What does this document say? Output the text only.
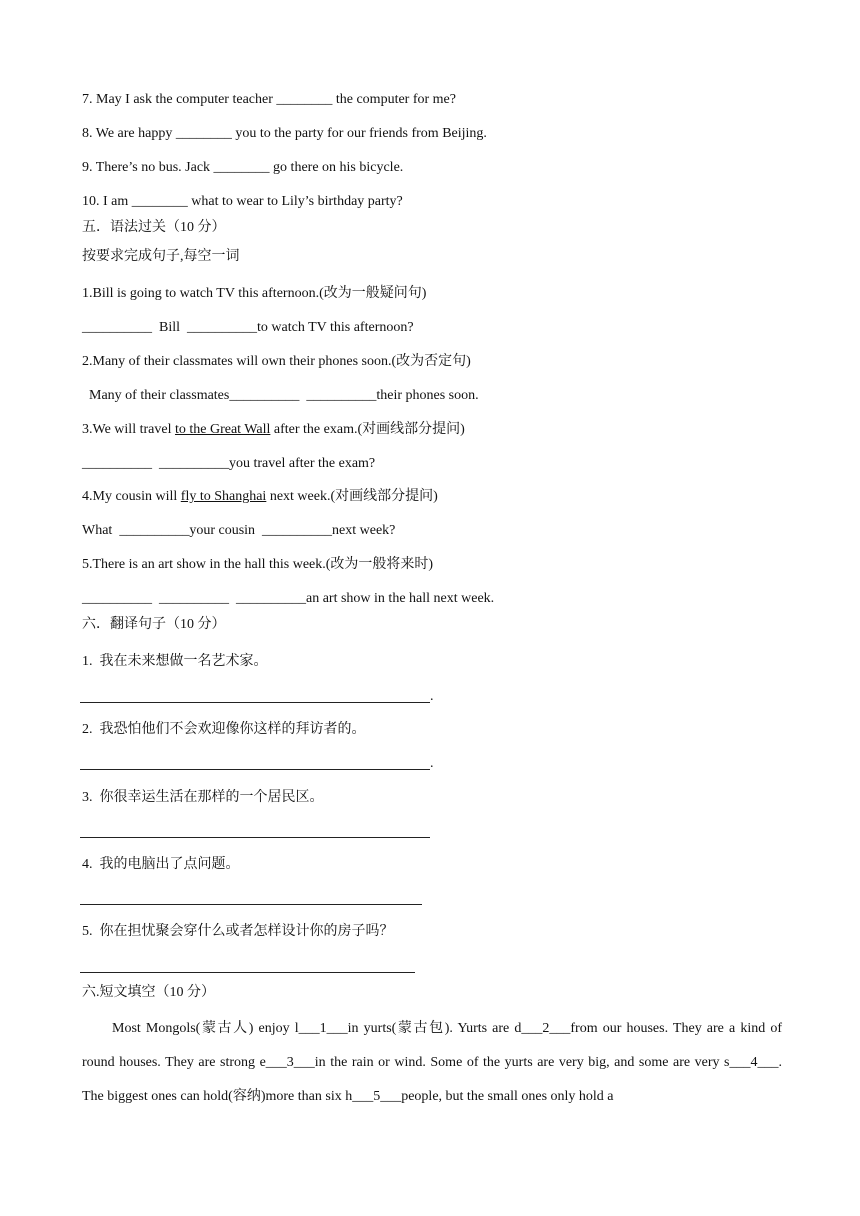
7. May I ask the computer teacher ________ the computer for me?
8. We are happy ________ you to the party for our friends from Beijing.
9. There’s no bus. Jack ________ go there on his bicycle.
10. I am ________ what to wear to Lily’s birthday party?
五．语法过关（10 分）
按要求完成句子,每空一词
1.Bill is going to watch TV this afternoon.(改为一般疑问句)
__________  Bill  __________to watch TV this afternoon?
2.Many of their classmates will own their phones soon.(改为否定句)
Many of their classmates__________  __________their phones soon.
3.We will travel to the Great Wall after the exam.(对画线部分提问)
__________  __________you travel after the exam?
4.My cousin will fly to Shanghai next week.(对画线部分提问)
What  __________your cousin  __________next week?
5.There is an art show in the hall this week.(改为一般将来时)
__________  __________  __________an art show in the hall next week.
六．翻译句子（10 分）
1.  我在未来想做一名艺术家。
.
2.  我恐怕他们不会欢迎像你这样的拜访者的。
.
3.  你很幸运生活在那样的一个居民区。
4.  我的电脑出了点问题。
5.  你在担忧聚会穿什么或者怎样设计你的房子吗？
六.短文填空（10 分）
Most Mongols(蒙古人) enjoy l___1___in yurts(蒙古包). Yurts are d___2___from our houses. They are a kind of round houses. They are strong e___3___in the rain or wind. Some of the yurts are very big, and some are very s___4___. The biggest ones can hold(容纳)more than six h___5___people, but the small ones only hold a
